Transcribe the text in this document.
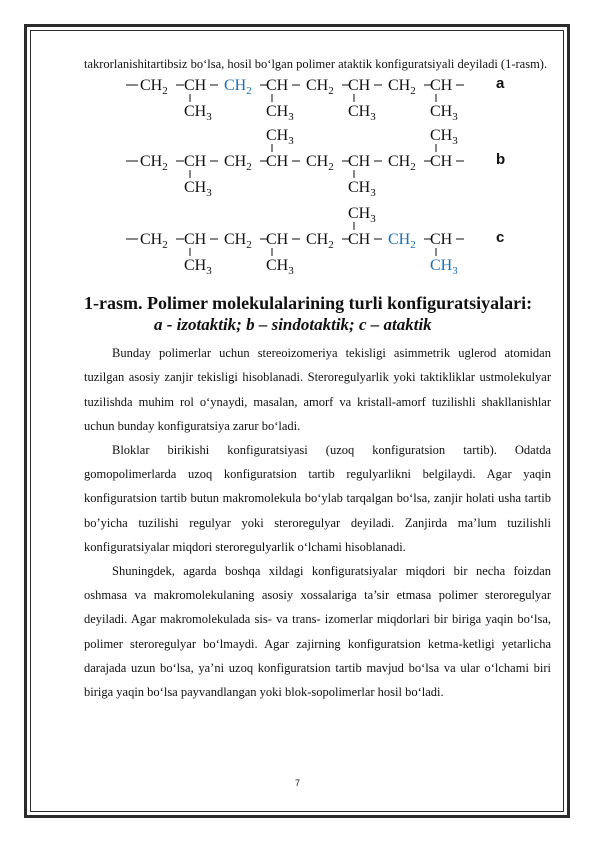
takrorlanishitartibsiz bo‘lsa, hosil bo‘lgan polimer ataktik konfiguratsiyali deyiladi (1-rasm).

$CH_2$ CH $CH_2$ CH $CH_2$ CH $CH_2$ CH
$CH_3$	$CH_3$	$CH_3$	$CH_3$
a
$CH_2$ CH $CH_2$ CH $CH_2$ CH $CH_2$ CH
$CH_3$
$CH_3$
$CH_3$
$CH_3$
b
$CH_2$ CH $CH_2$ CH $CH_2$ CH $CH_2$ CH
$CH_3$	$CH_3$
$CH_3$
$CH_3$
c

1-rasm. Polimer molekulalarining turli konfiguratsiyalari:

a - izotaktik; b – sindotaktik; c – ataktik

Bunday polimerlar uchun stereoizomeriya tekisligi asimmetrik uglerod atomidan tuzilgan asosiy zanjir tekisligi hisoblanadi. Steroregulyarlik yoki taktikliklar ustmolekulyar tuzilishda muhim rol o‘ynaydi, masalan, amorf va kristall-amorf tuzilishli shakllanishlar uchun bunday konfiguratsiya zarur bo‘ladi.

Bloklar birikishi konfiguratsiyasi (uzoq konfiguratsion tartib). Odatda gomopolimerlarda uzoq konfiguratsion tartib regulyarlikni belgilaydi. Agar yaqin konfiguratsion tartib butun makromolekula bo‘ylab tarqalgan bo‘lsa, zanjir holati usha tartib bo’yicha tuzilishi regulyar yoki steroregulyar deyiladi. Zanjirda ma’lum tuzilishli konfiguratsiyalar miqdori steroregulyarlik o‘lchami hisoblanadi.

Shuningdek, agarda boshqa xildagi konfiguratsiyalar miqdori bir necha foizdan oshmasa va makromolekulaning asosiy xossalariga ta’sir etmasa polimer steroregulyar deyiladi. Agar makromolekulada sis- va trans- izomerlar miqdorlari bir biriga yaqin bo‘lsa, polimer steroregulyar bo‘lmaydi. Agar zajirning konfiguratsion ketma-ketligi yetarlicha darajada uzun bo‘lsa, ya’ni uzoq konfiguratsion tartib mavjud bo‘lsa va ular o‘lchami biri biriga yaqin bo‘lsa payvandlangan yoki blok-sopolimerlar hosil bo‘ladi.

7
